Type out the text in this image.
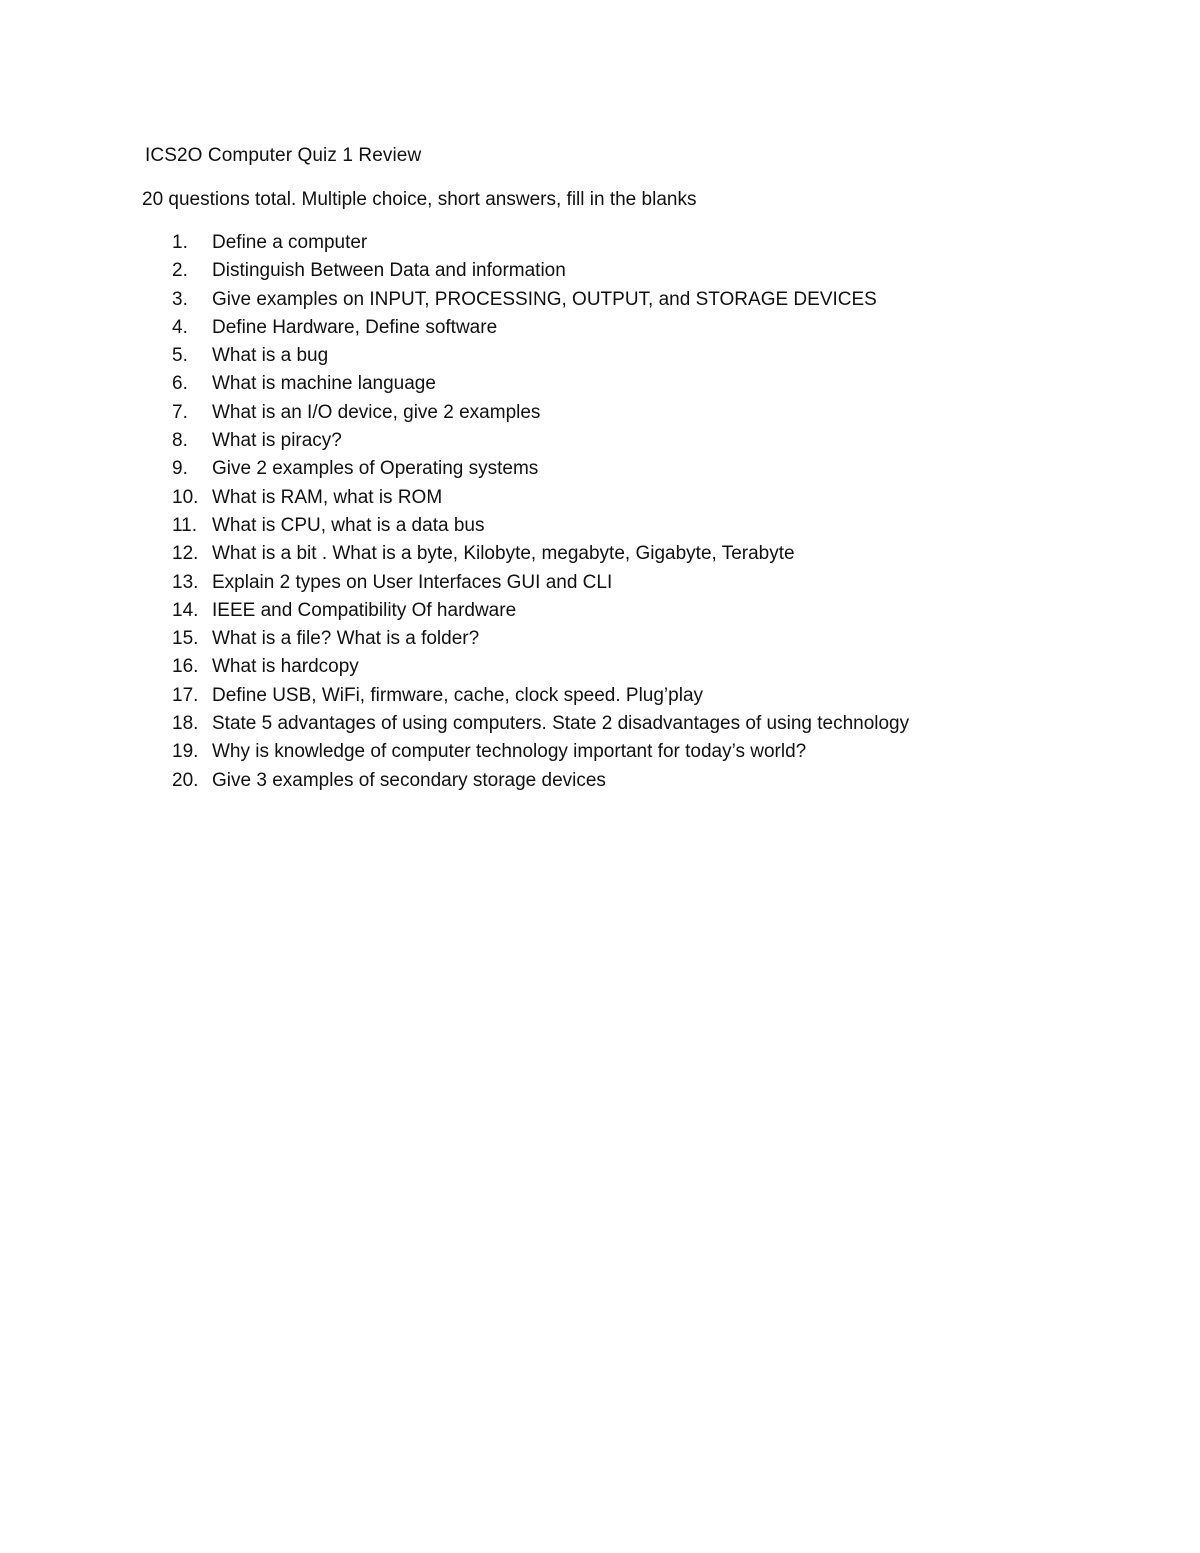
ICS2O Computer Quiz 1 Review
20 questions total. Multiple choice, short answers, fill in the blanks
1.	Define a computer
2.	Distinguish Between Data and information
3.	Give examples on INPUT, PROCESSING, OUTPUT, and STORAGE DEVICES
4.	Define Hardware, Define software
5.	What is a bug
6.	What is machine language
7.	What is an I/O device, give 2 examples
8.	What is piracy?
9.	Give 2 examples of Operating systems
10. What is RAM, what is ROM
11. What is CPU, what is a data bus
12. What is a bit . What is a byte, Kilobyte, megabyte, Gigabyte, Terabyte
13. Explain 2 types on User Interfaces GUI and CLI
14. IEEE and Compatibility Of hardware
15. What is a file? What is a folder?
16. What is hardcopy
17. Define USB, WiFi, firmware, cache, clock speed. Plug’play
18. State 5 advantages of using computers. State 2 disadvantages of using technology
19. Why is knowledge of computer technology important for today’s world?
20. Give 3 examples of secondary storage devices
